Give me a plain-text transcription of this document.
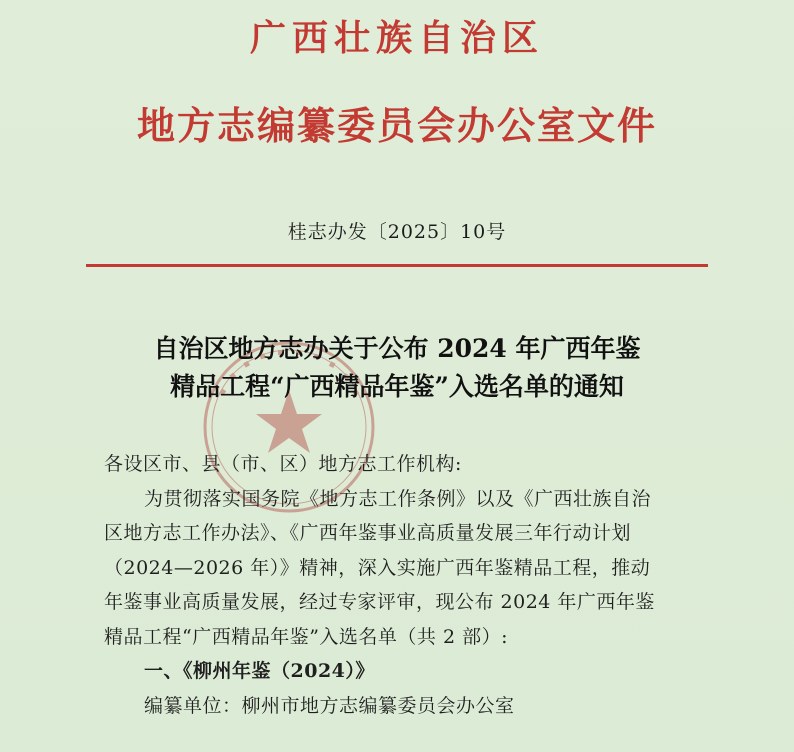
广西壮族自治区
地方志编纂委员会办公室文件
桂志办发〔2025〕10号
自治区地方志办关于公布 2024 年广西年鉴
精品工程“广西精品年鉴”入选名单的通知

各设区市、县（市、区）地方志工作机构:

为贯彻落实国务院《地方志工作条例》以及《广西壮族自治

区地方志工作办法》、《广西年鉴事业高质量发展三年行动计划

（2024—2026 年）》精神，深入实施广西年鉴精品工程，推动

年鉴事业高质量发展，经过专家评审，现公布 2024 年广西年鉴

精品工程“广西精品年鉴”入选名单（共 2 部）:

一、《柳州年鉴（2024）》

编纂单位：柳州市地方志编纂委员会办公室
